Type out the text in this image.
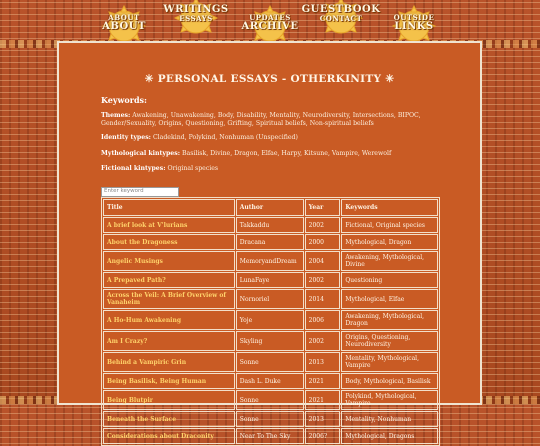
ABOUT
ABOUT
WRITINGS
ESSAYS	UPDATES
ARCHIVE
GUESTBOOK
CONTACT	OUTSIDE
LINKS
✳ PERSONAL ESSAYS - OTHERKINITY ✳
Keywords:
Themes: Awakening, Unawakening, Body, Disability, Mentality, Neurodiversity, Intersections, BIPOC, Gender/Sexuality, Origins, Questioning, Grifting, Spiritual beliefs, Non-spiritual beliefs
Identity types: Cladekind, Polykind, Nonhuman (Unspecified)
Mythological kintypes: Basilisk, Divine, Dragon, Elfae, Harpy, Kitsune, Vampire, Werewolf
Fictional kintypes: Original species
Enter keyword
Title	Author	Year	Keywords
A brief look at V'lurians	Takkaddu	2002	Fictional, Original species
About the Dragoness	Dracana	2000	Mythological, Dragon
Angelic Musings	MemoryandDream	2004	Awakening, Mythological, Divine
A Prepaved Path?	LunaFaye	2002	Questioning
Across the Veil: A Brief Overview of Vanaheim	Nornoriel	2014	Mythological, Elfae
A Ho-Hum Awakening	Yoje	2006	Awakening, Mythological, Dragon
Am I Crazy?	Skyling	2002	Origins, Questioning, Neurodiversity
Behind a Vampiric Grin	Sonne	2013	Mentality, Mythological, Vampire
Being Basilisk, Being Human	Dash L. Duke	2021	Body, Mythological, Basilisk
Being Blutpir	Sonne	2021	Polykind, Mythological, Vampire
Beneath the Surface	Sonne	2013	Mentality, Nonhuman
Considerations about Draconity	Near To The Sky	2006?	Mythological, Dragons
